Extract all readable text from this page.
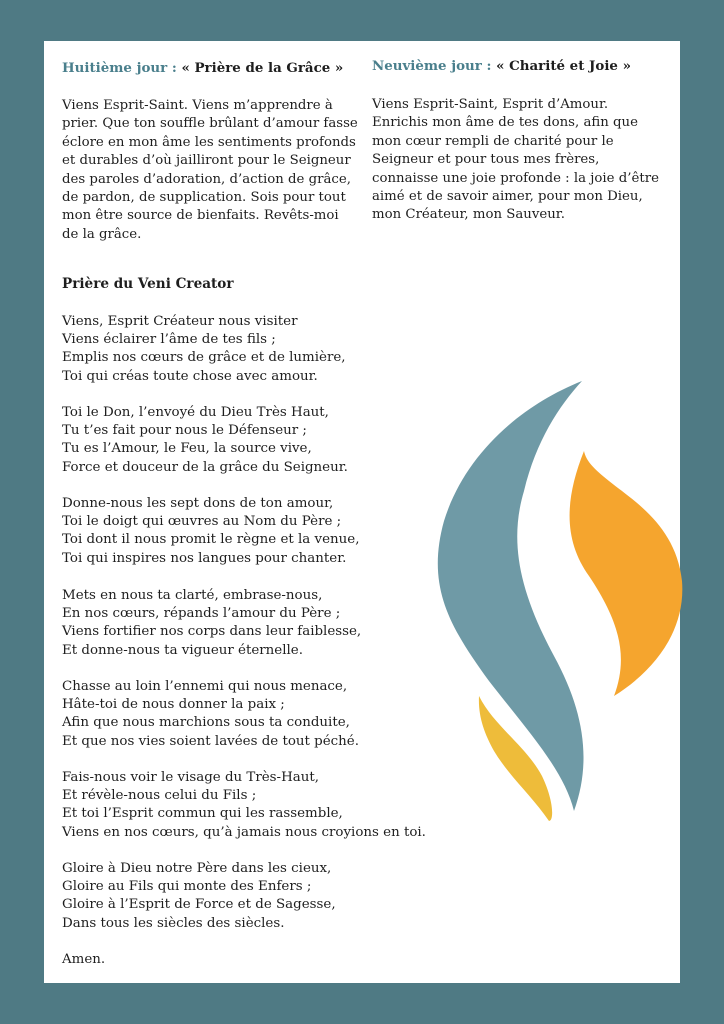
Huitième jour : « Prière de la Grâce »

Viens Esprit-Saint. Viens m’apprendre à prier. Que ton souffle brûlant d’amour fasse éclore en mon âme les sentiments profonds et durables d’où jailliront pour le Seigneur des paroles d’adoration, d’action de grâce, de pardon, de supplication. Sois pour tout mon être source de bienfaits. Revêts-moi de la grâce.

Neuvième jour : « Charité et Joie »

Viens Esprit-Saint, Esprit d’Amour. Enrichis mon âme de tes dons, afin que mon cœur rempli de charité pour le Seigneur et pour tous mes frères, connaisse une joie profonde : la joie d’être aimé et de savoir aimer, pour mon Dieu, mon Créateur, mon Sauveur.

Prière du Veni Creator
Viens, Esprit Créateur nous visiter
Viens éclairer l’âme de tes fils ;
Emplis nos cœurs de grâce et de lumière,
Toi qui créas toute chose avec amour.
Toi le Don, l’envoyé du Dieu Très Haut,
Tu t’es fait pour nous le Défenseur ;
Tu es l’Amour, le Feu, la source vive,
Force et douceur de la grâce du Seigneur.
Donne-nous les sept dons de ton amour,
Toi le doigt qui œuvres au Nom du Père ;
Toi dont il nous promit le règne et la venue,
Toi qui inspires nos langues pour chanter.
Mets en nous ta clarté, embrase-nous,
En nos cœurs, répands l’amour du Père ;
Viens fortifier nos corps dans leur faiblesse,
Et donne-nous ta vigueur éternelle.
Chasse au loin l’ennemi qui nous menace,
Hâte-toi de nous donner la paix ;
Afin que nous marchions sous ta conduite,
Et que nos vies soient lavées de tout péché.
Fais-nous voir le visage du Très-Haut,
Et révèle-nous celui du Fils ;
Et toi l’Esprit commun qui les rassemble,
Viens en nos cœurs, qu’à jamais nous croyions en toi.
Gloire à Dieu notre Père dans les cieux,
Gloire au Fils qui monte des Enfers ;
Gloire à l’Esprit de Force et de Sagesse,
Dans tous les siècles des siècles.
Amen.
